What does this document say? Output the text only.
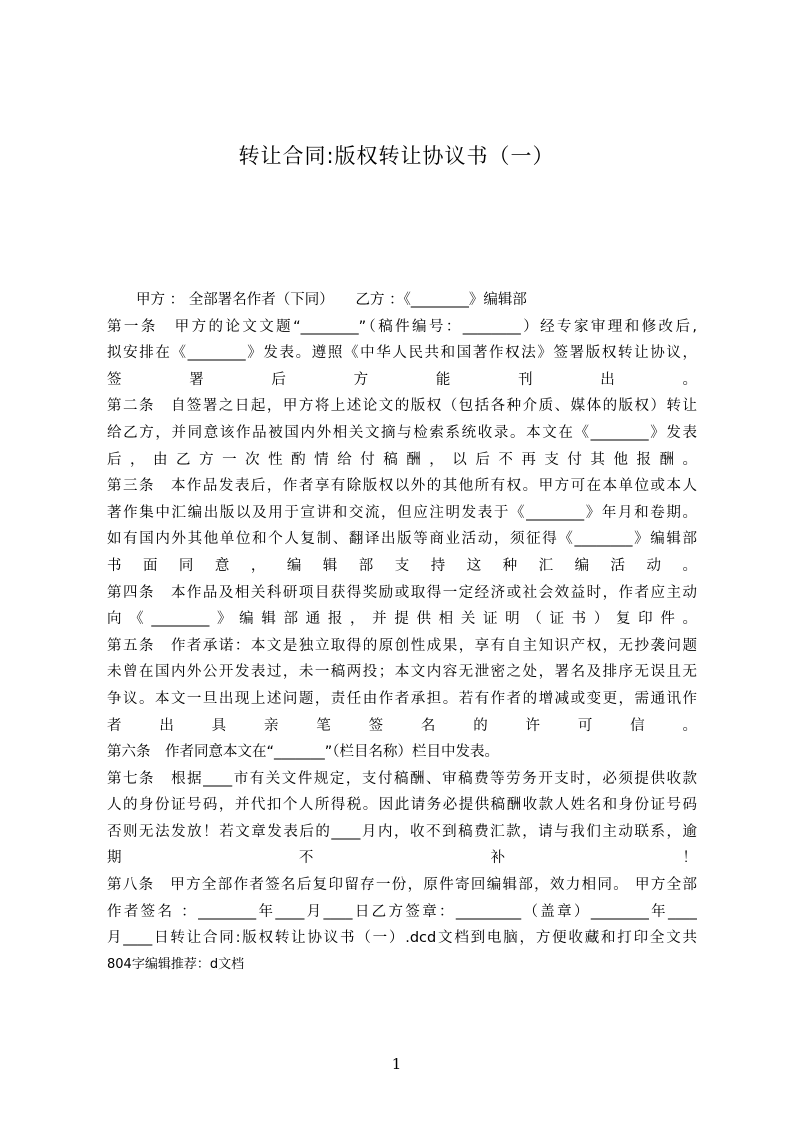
转让合同:版权转让协议书（一）
　　甲方 ： 全部署名作者（下同）　　乙方 ：《________》编辑部
第一条　甲方的论文文题“________”（稿件编号：________）经专家审理和修改后,
拟安排在《________》发表。遵照《中华人民共和国著作权法》签署版权转让协议，
签　署　后　方　能　刊　出　。
第二条　自签署之日起，甲方将上述论文的版权（包括各种介质、媒体的版权）转让
给乙方，并同意该作品被国内外相关文摘与检索系统收录。本文在《________》发表
后，由乙方一次性酌情给付稿酬，以后不再支付其他报酬。
第三条　本作品发表后，作者享有除版权以外的其他所有权。甲方可在本单位或本人
著作集中汇编出版以及用于宣讲和交流，但应注明发表于《________》年月和卷期。
如有国内外其他单位和个人复制、翻译出版等商业活动，须征得《________》编辑部
书面同意，编辑部支持这种汇编活动。
第四条　本作品及相关科研项目获得奖励或取得一定经济或社会效益时，作者应主动
向《________》编辑部通报，并提供相关证明（证书）复印件。
第五条　作者承诺：本文是独立取得的原创性成果，享有自主知识产权，无抄袭问题
未曾在国内外公开发表过，未一稿两投；本文内容无泄密之处，署名及排序无误且无
争议。本文一旦出现上述问题，责任由作者承担。若有作者的增减或变更，需通讯作
者　出　具　亲　笔　签　名　的　许　可　信　。
第六条　作者同意本文在“_______”（栏目名称）栏目中发表。
第七条　根据____市有关文件规定，支付稿酬、审稿费等劳务开支时，必须提供收款
人的身份证号码，并代扣个人所得税。因此请务必提供稿酬收款人姓名和身份证号码
否则无法发放！若文章发表后的____月内，收不到稿费汇款，请与我们主动联系，逾
期　不　补　！
第八条　甲方全部作者签名后复印留存一份，原件寄回编辑部，效力相同。 甲方全部
作者签名 ：________年____月____日乙方签章：_________（盖章）________年____
月____日转让合同:版权转让协议书（一）.dcd文档到电脑，方便收藏和打印全文共
804字编辑推荐：d文档
1
